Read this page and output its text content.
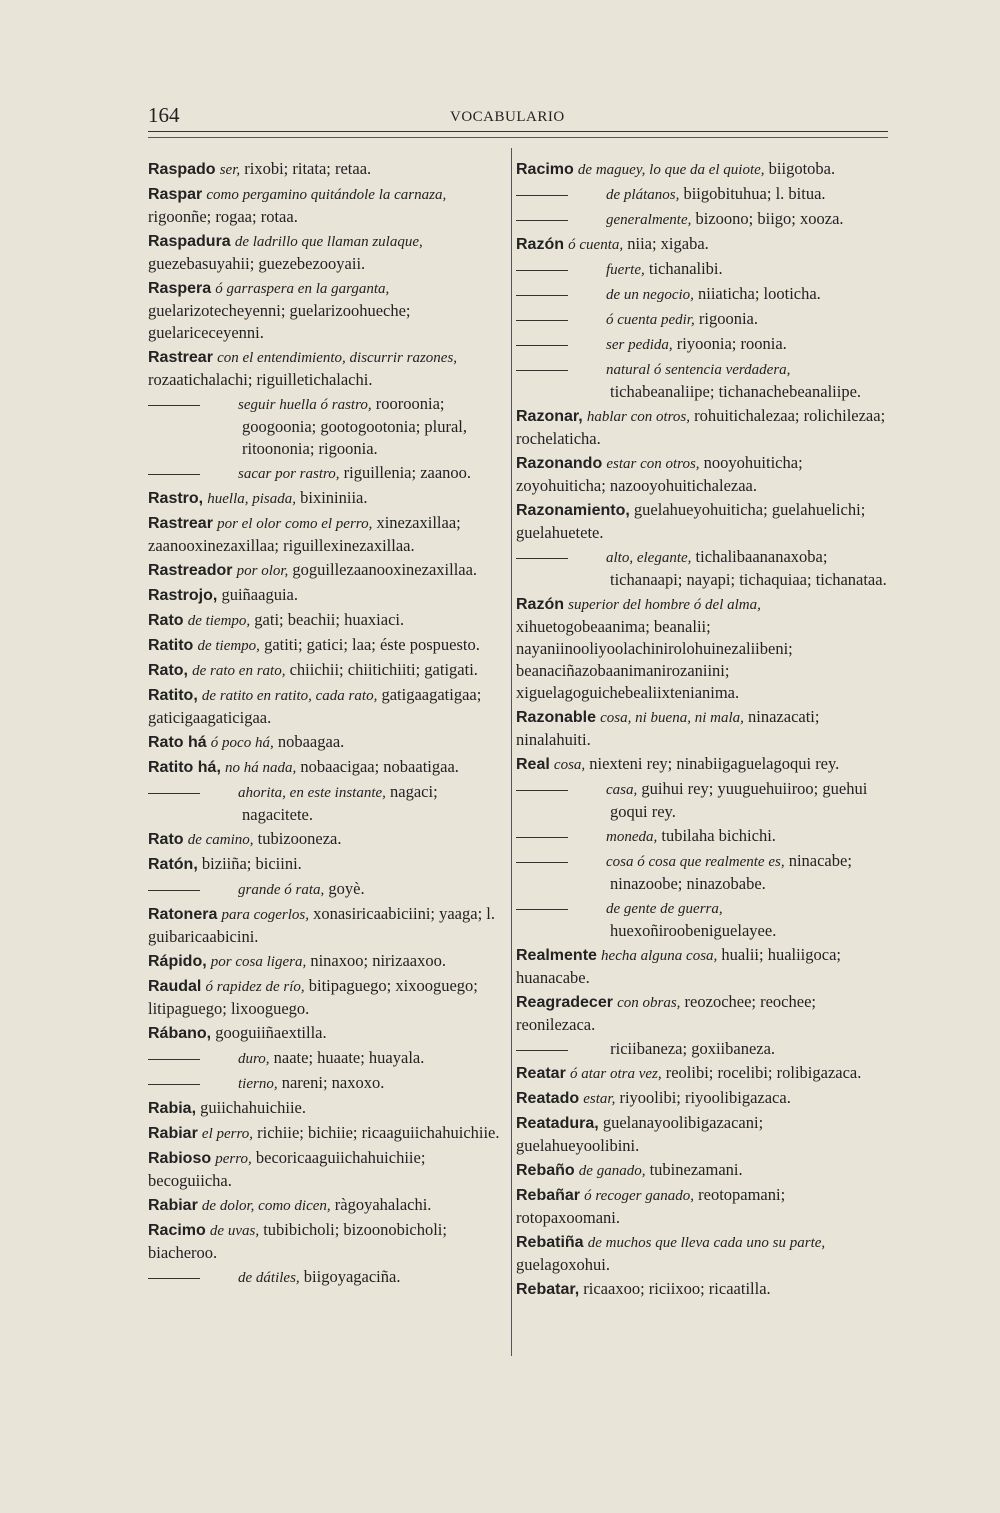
164	VOCABULARIO
Raspado ser, rixobi; ritata; retaa.
Raspar como pergamino quitándole la carnaza, rigoonñe; rogaa; rotaa.
Raspadura de ladrillo que llaman zulaque, guezebasuyahii; guezebezooyaii.
Raspera ó garraspera en la garganta, guelarizotecheyenni; guelarizoohueche; guelariceceyenni.
Rastrear con el entendimiento, discurrir razones, rozaatichalachi; riguilletichalachi.
seguir huella ó rastro, rooroonia; googoonia; gootogootonia; plural, ritoononia; rigoonia.
sacar por rastro, riguillenia; zaanoo.
Rastro, huella, pisada, bixininiia.
Rastrear por el olor como el perro, xinezaxillaa; zaanooxinezaxillaa; riguillexinezaxillaa.
Rastreador por olor, goguillezaanooxinezaxillaa.
Rastrojo, guiñaaguia.
Rato de tiempo, gati; beachii; huaxiaci.
Ratito de tiempo, gatiti; gatici; laa; éste pospuesto.
Rato, de rato en rato, chiichii; chiitichiiti; gatigati.
Ratito, de ratito en ratito, cada rato, gatigaagatigaa; gaticigaagaticigaa.
Rato há ó poco há, nobaagaa.
Ratito há, no há nada, nobaacigaa; nobaatigaa.
ahorita, en este instante, nagaci; nagacitete.
Rato de camino, tubizooneza.
Ratón, biziiña; biciini.
grande ó rata, goyè.
Ratonera para cogerlos, xonasiricaabiciini; yaaga; l. guibaricaabicini.
Rápido, por cosa ligera, ninaxoo; nirizaaxoo.
Raudal ó rapidez de río, bitipaguego; xixooguego; litipaguego; lixooguego.
Rábano, googuiiñaextilla.
duro, naate; huaate; huayala.
tierno, nareni; naxoxo.
Rabia, guiichahuichiie.
Rabiar el perro, richiie; bichiie; ricaaguiichahuichiie.
Rabioso perro, becoricaaguiichahuichiie; becoguiicha.
Rabiar de dolor, como dicen, ràgoyahalachi.
Racimo de uvas, tubibicholi; bizoonobicholi; biacheroo.
de dátiles, biigoyagaciña.
Racimo de maguey, lo que da el quiote, biigotoba.
de plátanos, biigobituhua; l. bitua.
generalmente, bizoono; biigo; xooza.
Razón ó cuenta, niia; xigaba.
fuerte, tichanalibi.
de un negocio, niiaticha; looticha.
ó cuenta pedir, rigoonia.
ser pedida, riyoonia; roonia.
natural ó sentencia verdadera, tichabeanaliipe; tichanachebeanaliipe.
Razonar, hablar con otros, rohuitichalezaa; rolichilezaa; rochelaticha.
Razonando estar con otros, nooyohuiticha; zoyohuiticha; nazooyohuitichalezaa.
Razonamiento, guelahueyohuiticha; guelahuelichi; guelahuetete.
alto, elegante, tichalibaananaxoba; tichanaapi; nayapi; tichaquiaa; tichanataa.
Razón superior del hombre ó del alma, xihuetogobeaanima; beanalii; nayaniinooliyoolachinirolohuinezaliibeni; beanaciñazobaanimanirozaniini; xiguelagoguichebealiixtenianima.
Razonable cosa, ni buena, ni mala, ninazacati; ninalahuiti.
Real cosa, niexteni rey; ninabiigaguelagoqui rey.
casa, guihui rey; yuuguehuiiroo; guehui goqui rey.
moneda, tubilaha bichichi.
cosa ó cosa que realmente es, ninacabe; ninazoobe; ninazobabe.
de gente de guerra, huexoñiroobeniguelayee.
Realmente hecha alguna cosa, hualii; hualiigoca; huanacabe.
Reagradecer con obras, reozochee; reochee; reonilezaca.
riciibaneza; goxiibaneza.
Reatar ó atar otra vez, reolibi; rocelibi; rolibigazaca.
Reatado estar, riyoolibi; riyoolibigazaca.
Reatadura, guelanayoolibigazacani; guelahueyoolibini.
Rebaño de ganado, tubinezamani.
Rebañar ó recoger ganado, reotopamani; rotopaxoomani.
Rebatiña de muchos que lleva cada uno su parte, guelagoxohui.
Rebatar, ricaaxoo; riciixoo; ricaatilla.
